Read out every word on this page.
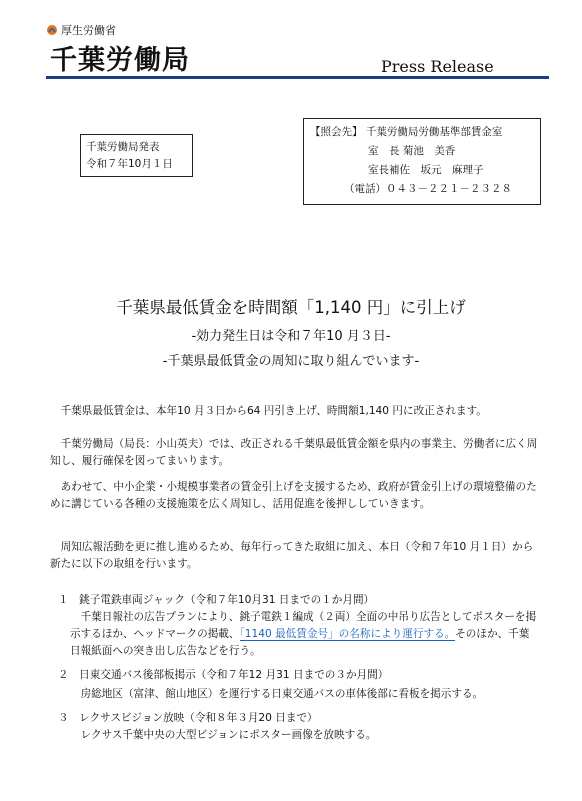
厚生労働省
千葉労働局	Press Release
千葉労働局発表
令和７年10月１日
【照会先】 千葉労働局労働基準部賃金室
室　長 菊池　美香
室長補佐　坂元　麻理子
（電話）０４３－２２１－２３２８
千葉県最低賃金を時間額「1,140 円」に引上げ
-効力発生日は令和７年10 月３日-
-千葉県最低賃金の周知に取り組んでいます-
千葉県最低賃金は、本年10 月３日から64 円引き上げ、時間額1,140 円に改正されます。
千葉労働局（局長：小山英夫）では、改正される千葉県最低賃金額を県内の事業主、労働者に広く周知し、履行確保を図ってまいります。
あわせて、中小企業・小規模事業者の賃金引上げを支援するため、政府が賃金引上げの環境整備のために講じている各種の支援施策を広く周知し、活用促進を後押ししていきます。
周知広報活動を更に推し進めるため、毎年行ってきた取組に加え、本日（令和７年10 月１日）から新たに以下の取組を行います。
１　銚子電鉄車両ジャック（令和７年10月31 日までの１か月間）
千葉日報社の広告プランにより、銚子電鉄１編成（２両）全面の中吊り広告としてポスターを掲示するほか、ヘッドマークの掲載、「1140 最低賃金号」の名称により運行する。そのほか、千葉日報紙面への突き出し広告などを行う。
２　日東交通バス後部板掲示（令和７年12 月31 日までの３か月間）
房総地区（富津、館山地区）を運行する日東交通バスの車体後部に看板を掲示する。
３　レクサスビジョン放映（令和８年３月20 日まで）
レクサス千葉中央の大型ビジョンにポスター画像を放映する。
